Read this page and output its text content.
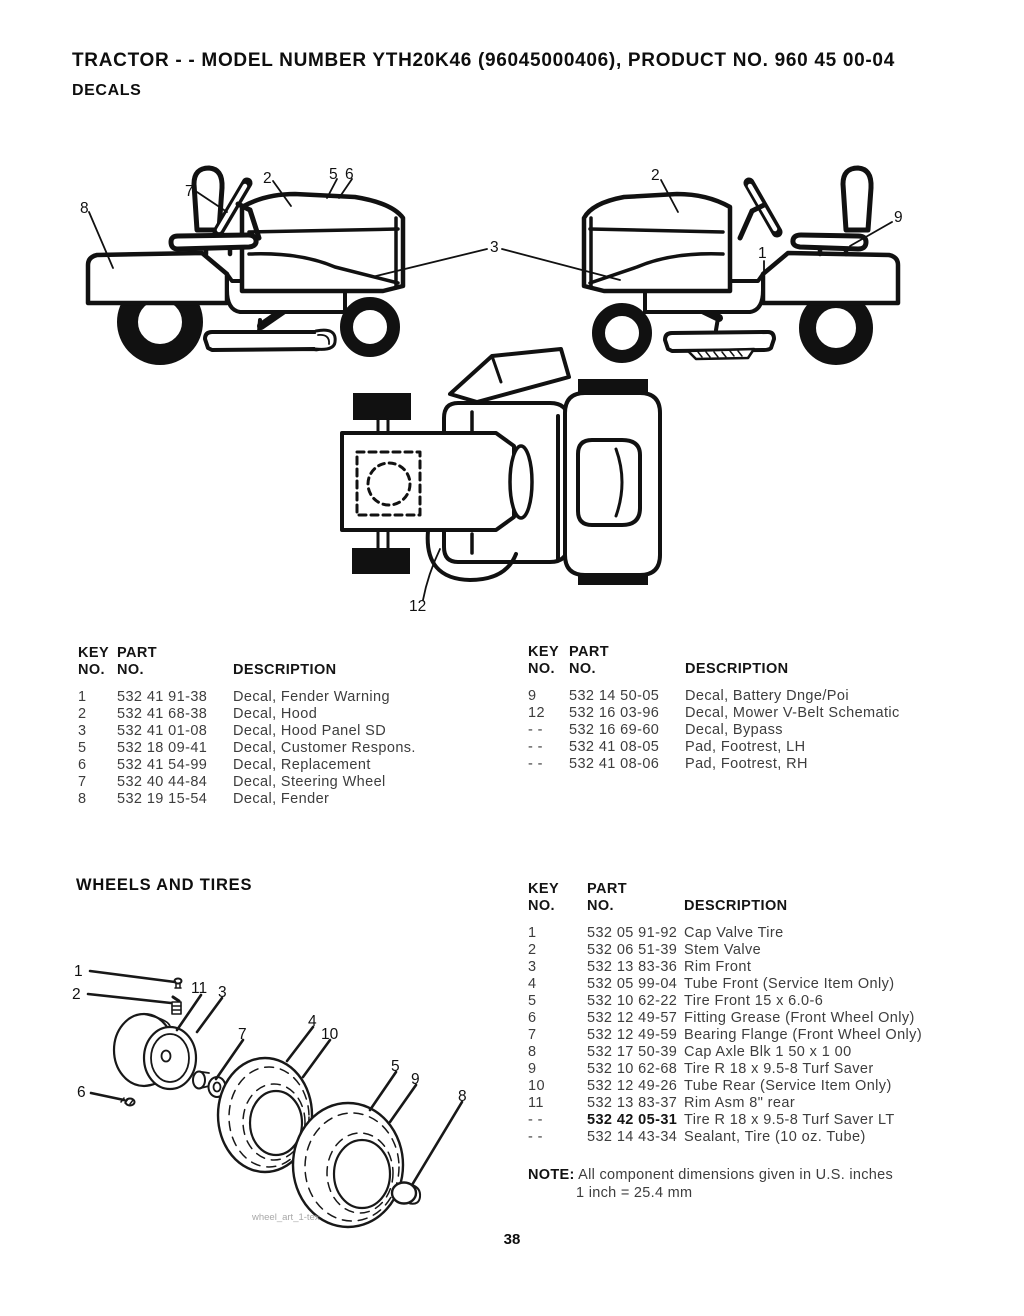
TRACTOR - - MODEL NUMBER YTH20K46 (96045000406), PRODUCT NO. 960 45 00-04
DECALS
7
2	5 6
8
3
2
9
1
12
KEY PART
NO. NO.	DESCRIPTION
1	532 41 91-38	Decal, Fender Warning
2	532 41 68-38	Decal, Hood
3	532 41 01-08	Decal, Hood Panel SD
5	532 18 09-41	Decal, Customer Respons.
6	532 41 54-99	Decal, Replacement
7	532 40 44-84	Decal, Steering Wheel
8	532 19 15-54	Decal, Fender
KEY PART
NO. NO.	DESCRIPTION
9	532 14 50-05	Decal, Battery Dnge/Poi
12	532 16 03-96	Decal, Mower V-Belt Schematic
- -	532 16 69-60	Decal, Bypass
- -	532 41 08-05	Pad, Footrest, LH
- -	532 41 08-06	Pad, Footrest, RH
WHEELS AND TIRES	KEY	PART
NO.	NO.	DESCRIPTION
1	532 05 91-92 Cap Valve Tire
2	532 06 51-39 Stem Valve
3	532 13 83-36 Rim Front
4	532 05 99-04 Tube Front (Service Item Only)
5	532 10 62-22 Tire Front 15 x 6.0-6
6	532 12 49-57 Fitting Grease (Front Wheel Only)
7	532 12 49-59 Bearing Flange (Front Wheel Only)
8	532 17 50-39 Cap Axle Blk 1 50 x 1 00
9	532 10 62-68 Tire R 18 x 9.5-8 Turf Saver
10	532 12 49-26 Tube Rear (Service Item Only)
11	532 13 83-37 Rim Asm 8" rear
- -	532 42 05-31 Tire R 18 x 9.5-8 Turf Saver LT
- -	532 14 43-34 Sealant, Tire (10 oz. Tube)
1
2	11 3
7
6
4
10
5
9
8
wheel_art_1-tex
NOTE: All component dimensions given in U.S. inches
1 inch = 25.4 mm
38
